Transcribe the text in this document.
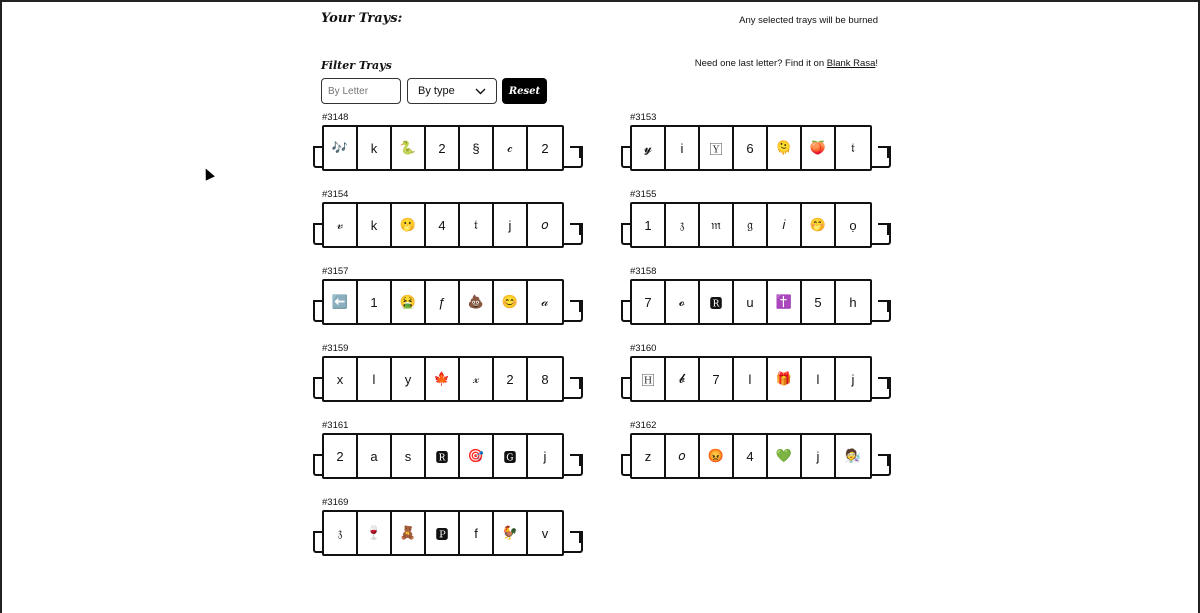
Your Trays:	Any selected trays will be burned
Filter Trays	Need one last letter? Find it on Blank Rasa!
By Letter
By type	Reset
#3148
🎶	k	🐍	2	§	𝒸	2
#3153
𝔂	i	🅈	6	🫠	🍑	𝔱
#3154
𝓋	k	🫢	4	𝔱	j	𝑜
#3155
1	𝔷	𝔪	𝔤	𝑖	🤭	ọ
#3157
⬅️	1	🤮	ƒ	💩	😊	𝒶
#3158
7	𝓸	🆁	u	✝️	5	h
#3159
x	l	y	🍁	𝓍	2	8
#3160
🄷	𝓫	7	l	🎁	l	j
#3161
2	a	s	🆁	🎯	🅶	j
#3162
z	𝑜	😡	4	💚	j	🧑‍🔬
#3169
𝔷	🍷	🧸	🅿	f	🐓	v
